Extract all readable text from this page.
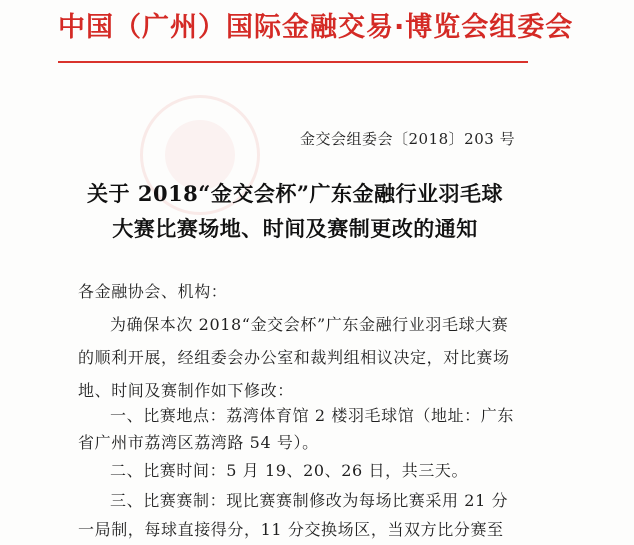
中国（广州）国际金融交易·博览会组委会
金交会组委会〔2018〕203 号
关于 2018“金交会杯”广东金融行业羽毛球
大赛比赛场地、时间及赛制更改的通知
各金融协会、机构：
为确保本次 2018“金交会杯”广东金融行业羽毛球大赛
的顺利开展，经组委会办公室和裁判组相议决定，对比赛场
地、时间及赛制作如下修改：
一、比赛地点：荔湾体育馆 2 楼羽毛球馆（地址：广东
省广州市荔湾区荔湾路 54 号）。
二、比赛时间：5 月 19、20、26 日，共三天。
三、比赛赛制：现比赛赛制修改为每场比赛采用 21 分
一局制，每球直接得分，11 分交换场区，当双方比分赛至
